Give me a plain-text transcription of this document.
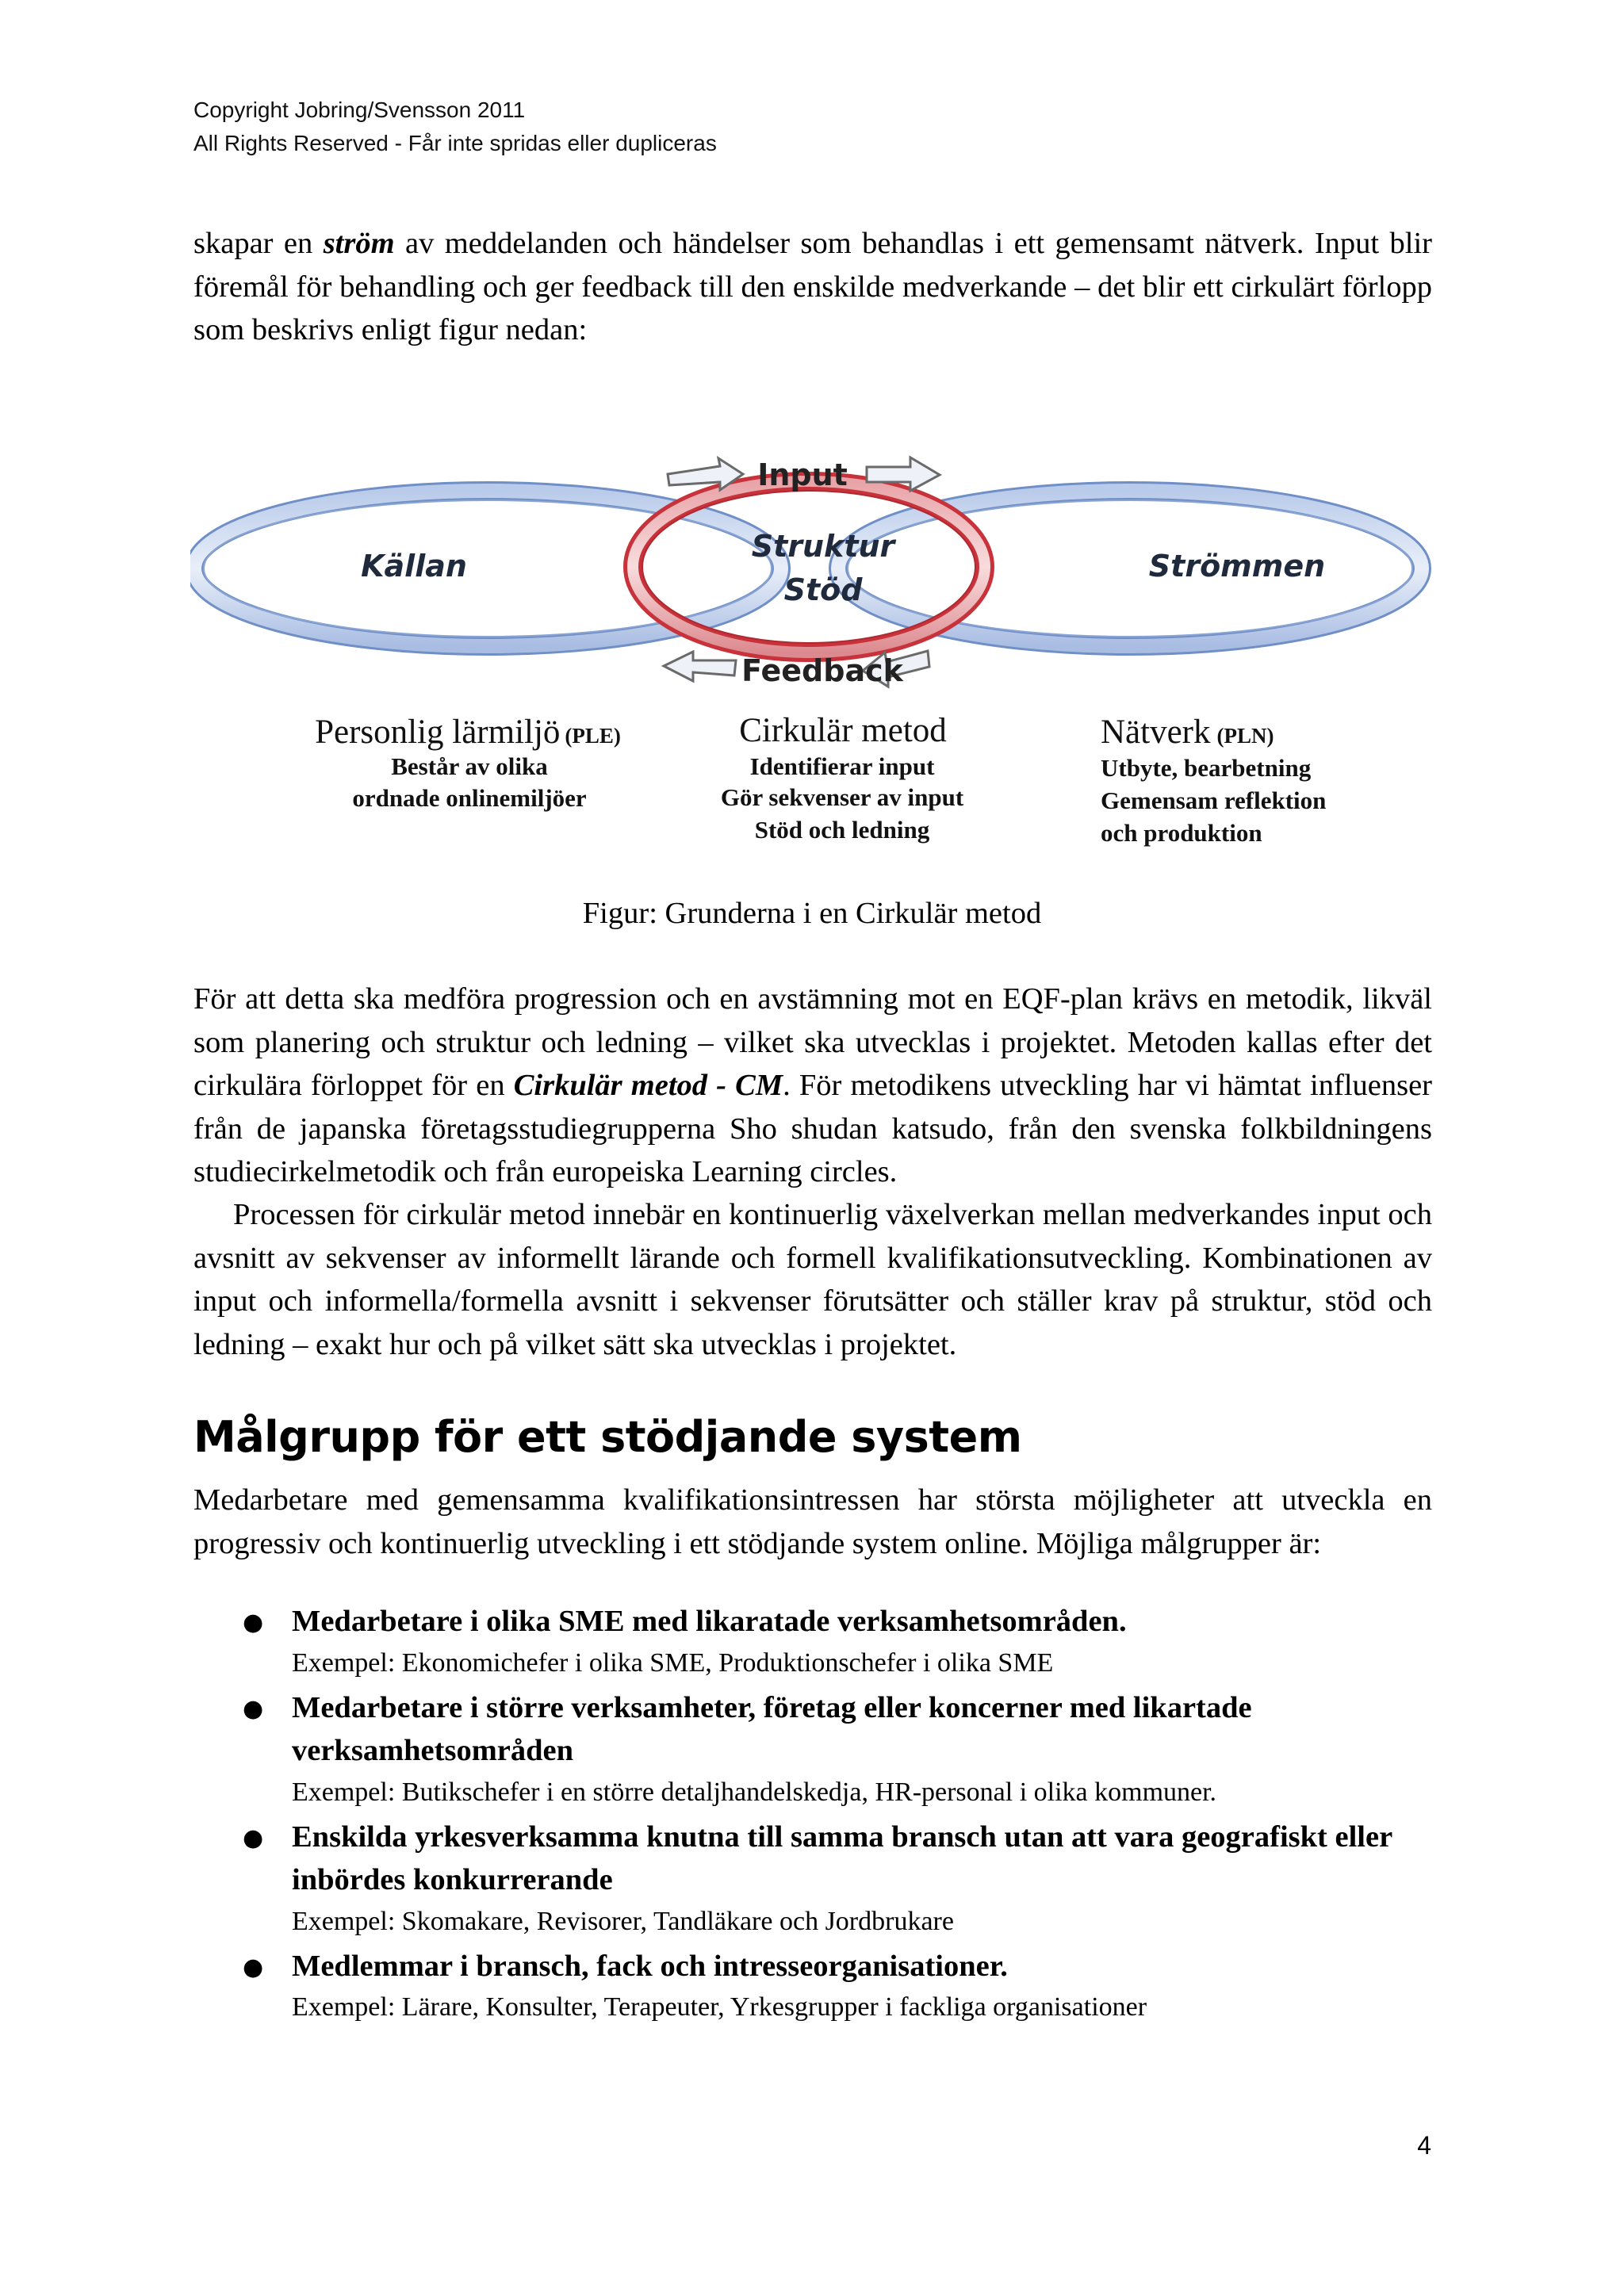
Copyright Jobring/Svensson 2011
All Rights Reserved - Får inte spridas eller dupliceras

skapar en ström av meddelanden och händelser som behandlas i ett gemensamt nätverk. Input blir föremål för behandling och ger feedback till den enskilde medverkande – det blir ett cirkulärt förlopp som beskrivs enligt figur nedan:

Källan
Struktur
Stöd
Strömmen
Input
Feedback
Personlig lärmiljö (PLE)
Består av olika
ordnade onlinemiljöer
Cirkulär metod
Identifierar input
Gör sekvenser av input
Stöd och ledning
Nätverk (PLN)
Utbyte, bearbetning
Gemensam reflektion
och produktion
Figur: Grunderna i en Cirkulär metod

För att detta ska medföra progression och en avstämning mot en EQF-plan krävs en metodik, likväl som planering och struktur och ledning – vilket ska utvecklas i projektet. Metoden kallas efter det cirkulära förloppet för en Cirkulär metod - CM. För metodikens utveckling har vi hämtat influenser från de japanska företagsstudiegrupperna Sho shudan katsudo, från den svenska folkbildningens studiecirkelmetodik och från europeiska Learning circles.

Processen för cirkulär metod innebär en kontinuerlig växelverkan mellan medverkandes input och avsnitt av sekvenser av informellt lärande och formell kvalifikationsutveckling. Kombinationen av input och informella/formella avsnitt i sekvenser förutsätter och ställer krav på struktur, stöd och ledning – exakt hur och på vilket sätt ska utvecklas i projektet.

Målgrupp för ett stödjande system

Medarbetare med gemensamma kvalifikationsintressen har största möjligheter att utveckla en progressiv och kontinuerlig utveckling i ett stödjande system online. Möjliga målgrupper är:

● Medarbetare i olika SME med likaratade verksamhetsområden.
Exempel: Ekonomichefer i olika SME, Produktionschefer i olika SME
● Medarbetare i större verksamheter, företag eller koncerner med likartade verksamhetsområden
Exempel: Butikschefer i en större detaljhandelskedja, HR-personal i olika kommuner.
● Enskilda yrkesverksamma knutna till samma bransch utan att vara geografiskt eller inbördes konkurrerande
Exempel: Skomakare, Revisorer, Tandläkare och Jordbrukare
● Medlemmar i bransch, fack och intresseorganisationer.
Exempel: Lärare, Konsulter, Terapeuter, Yrkesgrupper i fackliga organisationer
4
